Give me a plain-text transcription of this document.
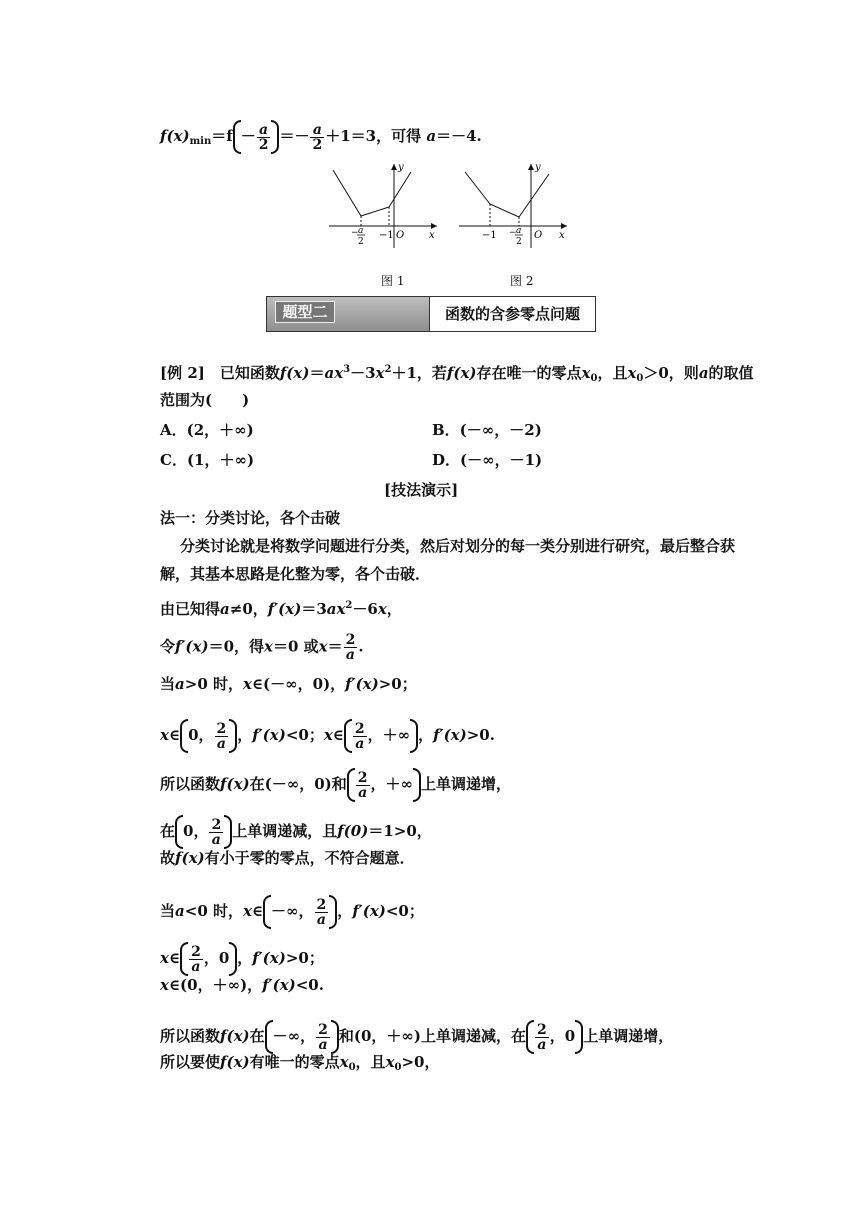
$f(x)_{min}=f - \frac{a}{2} =- \frac{a}{2} +1=3$，可得 a＝－4.
y
x
O
−1
− a
2
图 1
y
x
O
−1 − a
2
图 2
题型二	函数的含参零点问题
[例 2]　已知函数$f(x)=ax^3-3x^2+1$，若f(x)存在唯一的零点$x_0$，且$x_0>0$，则a的取值
范围为(　　)
A．(2，＋∞)	B．(－∞，－2)
C．(1，＋∞)	D．(－∞，－1)
[技法演示]
法一：分类讨论，各个击破
分类讨论就是将数学问题进行分类，然后对划分的每一类分别进行研究，最后整合获
解，其基本思路是化整为零，各个击破．
由已知得a≠0，$f'(x)=3ax^2-6x$，
令f′(x)＝0，得x＝0 或$x= \frac{2}{a}$ .
当a>0 时，x∈(－∞，0)，f′(x)>0；
x∈ 0， $\frac{2}{a}$ ，f′(x)<0；x∈ $\frac{2}{a}$ ，＋∞ ，f′(x)>0.
所以函数f(x)在(－∞，0)和 $\frac{2}{a}$ ，＋∞ 上单调递增，
在 0， $\frac{2}{a}$ 上单调递减，且f(0)＝1>0，
故f(x)有小于零的零点，不符合题意．
当a<0 时，x∈ －∞， $\frac{2}{a}$ ，f′(x)<0；
x∈ $\frac{2}{a}$ ，0 ，f′(x)>0；
x∈(0，＋∞)，f′(x)<0.
所以函数f(x)在 －∞， $\frac{2}{a}$ 和(0，＋∞)上单调递减，在 $\frac{2}{a}$ ，0 上单调递增，
所以要使f(x)有唯一的零点$x_0$，且$x_0>0$，
